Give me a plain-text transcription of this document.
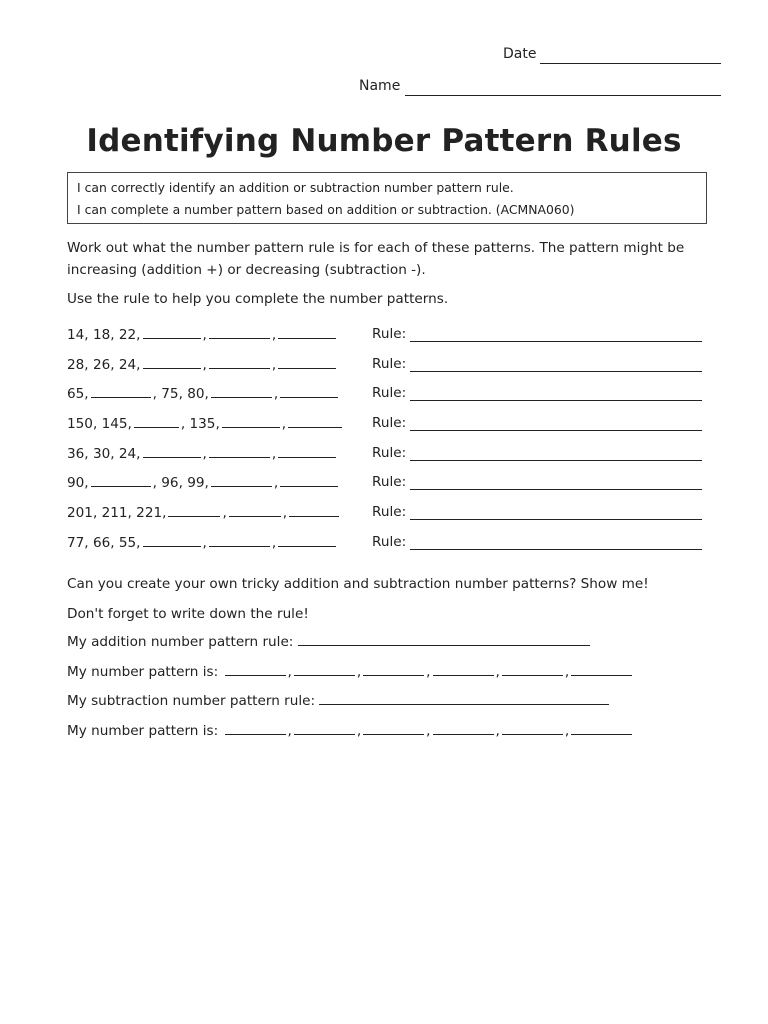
Date
Name
Identifying Number Pattern Rules
I can correctly identify an addition or subtraction number pattern rule.
I can complete a number pattern based on addition or subtraction. (ACMNA060)
Work out what the number pattern rule is for each of these patterns. The pattern might be increasing (addition +) or decreasing (subtraction -).
Use the rule to help you complete the number patterns.
14, 18, 22,	,	,	Rule:
28, 26, 24,	,	,	Rule:
65,	, 75, 80,	,	Rule:
150, 145,	, 135,	,	Rule:
36, 30, 24,	,	,	Rule:
90,	, 96, 99,	,	Rule:
201, 211, 221,	,	,	Rule:
77, 66, 55,	,	,	Rule:
Can you create your own tricky addition and subtraction number patterns? Show me!
Don't forget to write down the rule!
My addition number pattern rule:
My number pattern is:	,	,	,	,	,
My subtraction number pattern rule:
My number pattern is:	,	,	,	,	,
